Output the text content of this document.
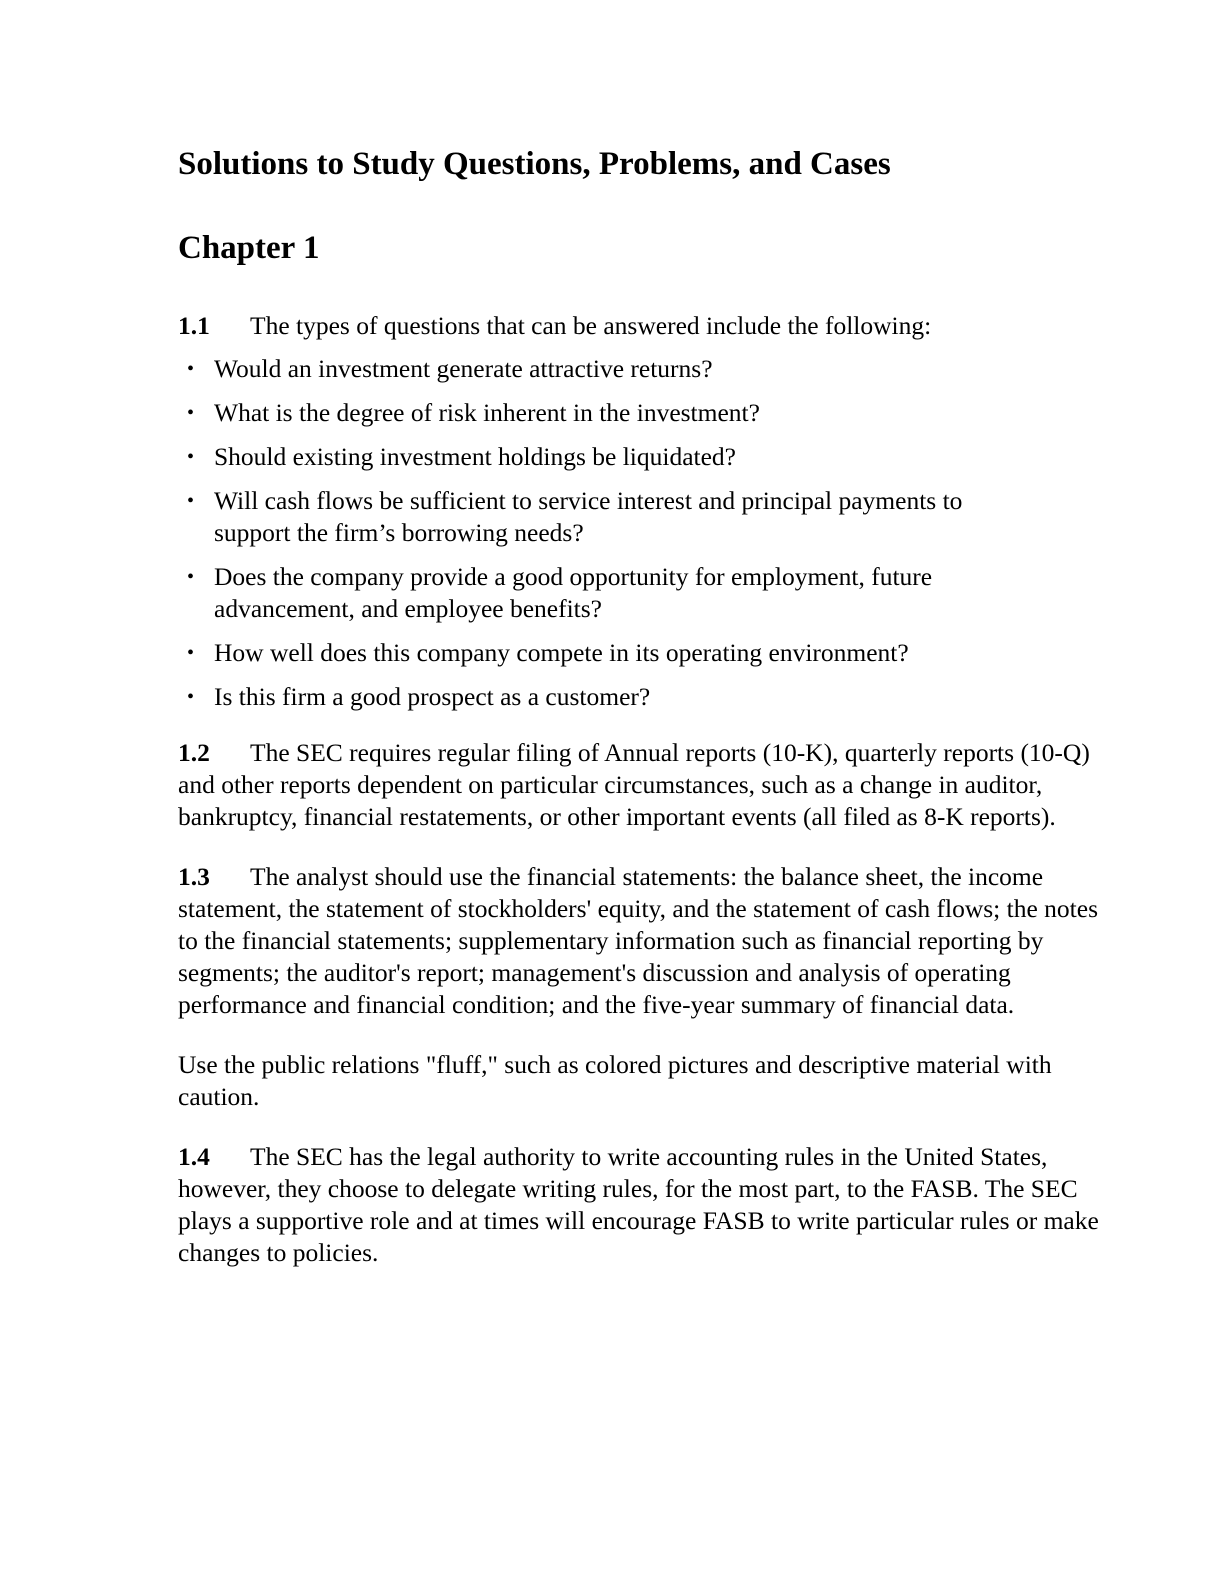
Solutions to Study Questions, Problems, and Cases
Chapter 1

1.1 The types of questions that can be answered include the following:

• Would an investment generate attractive returns?
• What is the degree of risk inherent in the investment?
• Should existing investment holdings be liquidated?
• Will cash flows be sufficient to service interest and principal payments to support the firm’s borrowing needs?
• Does the company provide a good opportunity for employment, future advancement, and employee benefits?
• How well does this company compete in its operating environment?
• Is this firm a good prospect as a customer?

1.2 The SEC requires regular filing of Annual reports (10-K), quarterly reports (10-Q) and other reports dependent on particular circumstances, such as a change in auditor, bankruptcy, financial restatements, or other important events (all filed as 8-K reports).

1.3 The analyst should use the financial statements: the balance sheet, the income statement, the statement of stockholders' equity, and the statement of cash flows; the notes to the financial statements; supplementary information such as financial reporting by segments; the auditor's report; management's discussion and analysis of operating performance and financial condition; and the five-year summary of financial data.

Use the public relations "fluff," such as colored pictures and descriptive material with caution.

1.4 The SEC has the legal authority to write accounting rules in the United States, however, they choose to delegate writing rules, for the most part, to the FASB. The SEC plays a supportive role and at times will encourage FASB to write particular rules or make changes to policies.
